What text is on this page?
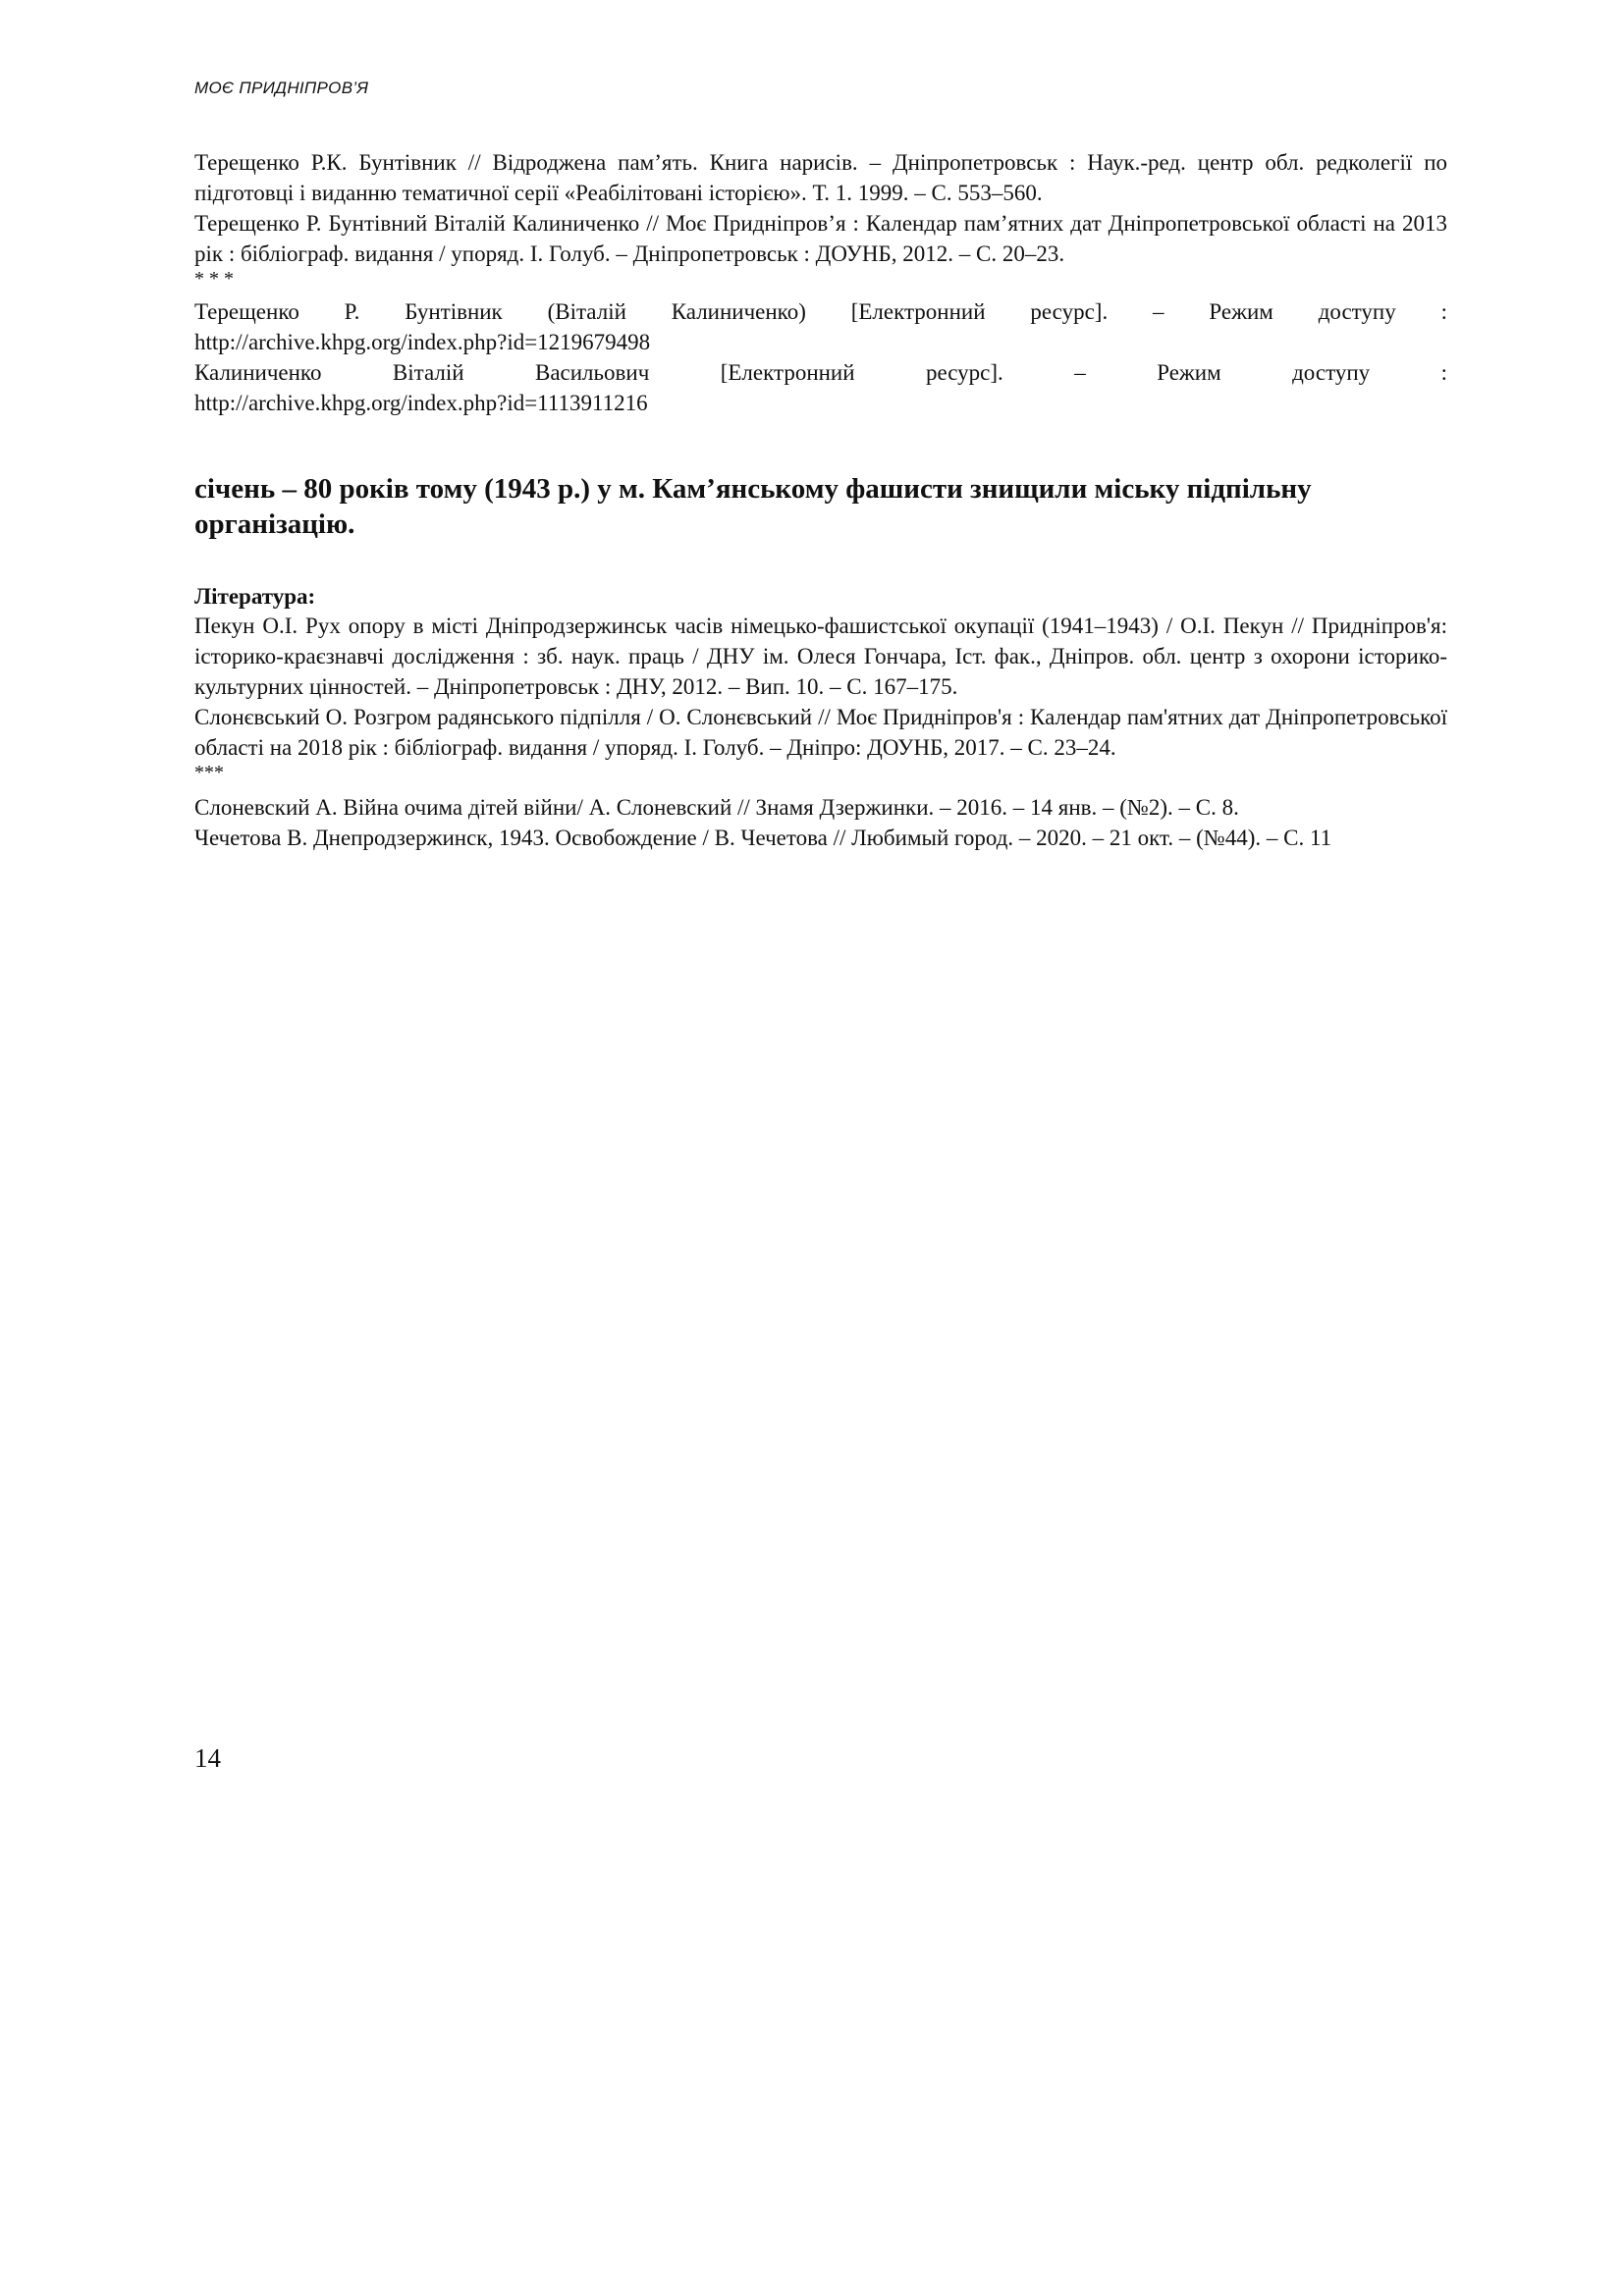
МОЄ ПРИДНІПРОВ’Я

Терещенко Р.К. Бунтівник // Відроджена пам’ять. Книга нарисів. – Дніпропетровськ : Наук.-ред. центр обл. редколегії по підготовці і виданню тематичної серії «Реабілітовані історією». Т. 1. 1999. – С. 553–560.

Терещенко Р. Бунтівний Віталій Калиниченко // Моє Придніпров’я : Календар пам’ятних дат Дніпропетровської області на 2013 рік : бібліограф. видання / упоряд. І. Голуб. – Дніпропетровськ : ДОУНБ, 2012. – С. 20–23.

* * *

Терещенко Р. Бунтівник (Віталій Калиниченко) [Електронний ресурс]. – Режим доступу :

http://archive.khpg.org/index.php?id=1219679498

Калиниченко Віталій Васильович [Електронний ресурс]. – Режим доступу :

http://archive.khpg.org/index.php?id=1113911216

січень – 80 років тому (1943 р.) у м. Кам’янському фашисти знищили міську підпільну організацію.
Література:

Пекун О.І. Рух опору в місті Дніпродзержинськ часів німецько-фашистської окупації (1941–1943) / О.І. Пекун // Придніпров'я: історико-краєзнавчі дослідження : зб. наук. праць / ДНУ ім. Олеся Гончара, Іст. фак., Дніпров. обл. центр з охорони історико-культурних цінностей. – Дніпропетровськ : ДНУ, 2012. – Вип. 10. – С. 167–175.

Слонєвський О. Розгром радянського підпілля / О. Слонєвський // Моє Придніпров'я : Календар пам'ятних дат Дніпропетровської області на 2018 рік : бібліограф. видання / упоряд. І. Голуб. – Дніпро: ДОУНБ, 2017. – С. 23–24.

***

Слоневский А. Війна очима дітей війни/ А. Слоневский // Знамя Дзержинки. – 2016. – 14 янв. – (№2). – С. 8.

Чечетова В. Днепродзержинск, 1943. Освобождение / В. Чечетова // Любимый город. – 2020. – 21 окт. – (№44). – С. 11

14
